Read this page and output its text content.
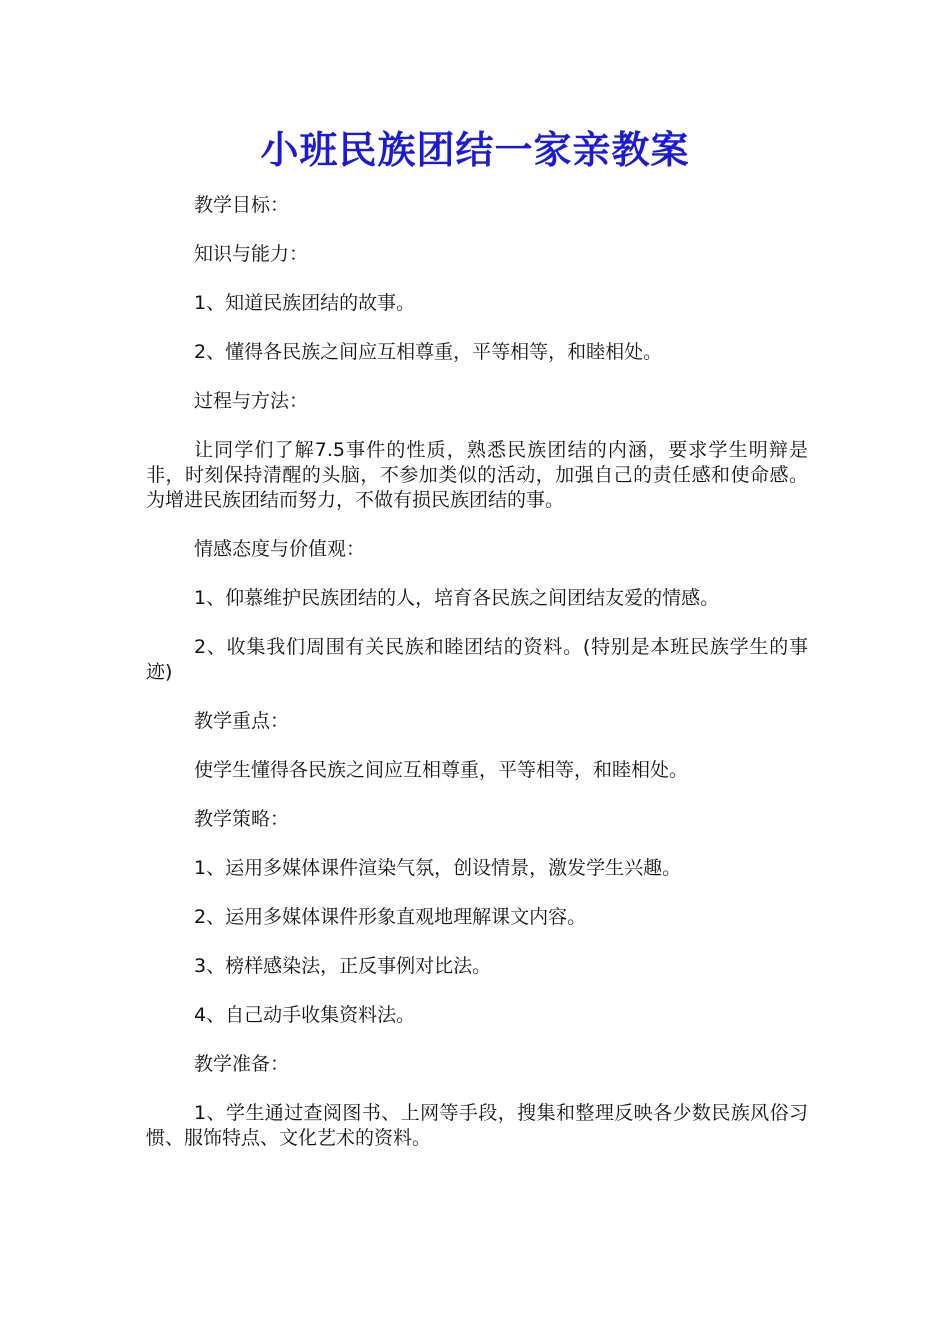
小班民族团结一家亲教案

教学目标：

知识与能力：

1、知道民族团结的故事。

2、懂得各民族之间应互相尊重，平等相等，和睦相处。

过程与方法：

让同学们了解7.5事件的性质，熟悉民族团结的内涵，要求学生明辩是非，时刻保持清醒的头脑，不参加类似的活动，加强自己的责任感和使命感。为增进民族团结而努力，不做有损民族团结的事。

情感态度与价值观：

1、仰慕维护民族团结的人，培育各民族之间团结友爱的情感。

2、收集我们周围有关民族和睦团结的资料。(特别是本班民族学生的事迹)

教学重点：

使学生懂得各民族之间应互相尊重，平等相等，和睦相处。

教学策略：

1、运用多媒体课件渲染气氛，创设情景，激发学生兴趣。

2、运用多媒体课件形象直观地理解课文内容。

3、榜样感染法，正反事例对比法。

4、自己动手收集资料法。

教学准备：

1、学生通过查阅图书、上网等手段，搜集和整理反映各少数民族风俗习惯、服饰特点、文化艺术的资料。
